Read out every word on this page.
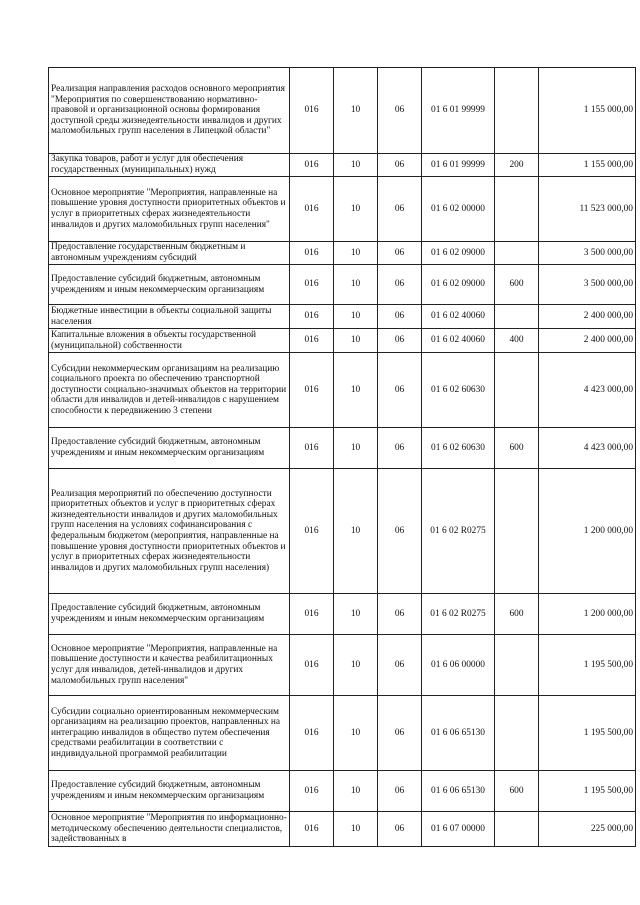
Реализация направления расходов основного мероприятия "Мероприятия по совершенствованию нормативно-правовой и организационной основы формирования доступной среды жизнедеятельности инвалидов и других маломобильных групп населения в Липецкой области"	016	10	06	01 6 01 99999		1 155 000,00
Закупка товаров, работ и услуг для обеспечения государственных (муниципальных) нужд	016	10	06	01 6 01 99999	200	1 155 000,00
Основное мероприятие "Мероприятия, направленные на повышение уровня доступности приоритетных объектов и услуг в приоритетных сферах жизнедеятельности инвалидов и других маломобильных групп населения"	016	10	06	01 6 02 00000		11 523 000,00
Предоставление государственным бюджетным и автономным учреждениям субсидий	016	10	06	01 6 02 09000		3 500 000,00
Предоставление субсидий бюджетным, автономным учреждениям и иным некоммерческим организациям	016	10	06	01 6 02 09000	600	3 500 000,00
Бюджетные инвестиции в объекты социальной защиты населения	016	10	06	01 6 02 40060		2 400 000,00
Капитальные вложения в объекты государственной (муниципальной) собственности	016	10	06	01 6 02 40060	400	2 400 000,00
Субсидии некоммерческим организациям на реализацию социального проекта по обеспечению транспортной доступности социально-значимых объектов на территории области для инвалидов и детей-инвалидов с нарушением способности к передвижению 3 степени	016	10	06	01 6 02 60630		4 423 000,00
Предоставление субсидий бюджетным, автономным учреждениям и иным некоммерческим организациям	016	10	06	01 6 02 60630	600	4 423 000,00
Реализация мероприятий по обеспечению доступности приоритетных объектов и услуг в приоритетных сферах жизнедеятельности инвалидов и других маломобильных групп населения на условиях софинансирования с федеральным бюджетом (мероприятия, направленные на повышение уровня доступности приоритетных объектов и услуг в приоритетных сферах жизнедеятельности инвалидов и других маломобильных групп населения)	016	10	06	01 6 02 R0275		1 200 000,00
Предоставление субсидий бюджетным, автономным учреждениям и иным некоммерческим организациям	016	10	06	01 6 02 R0275	600	1 200 000,00
Основное мероприятие "Мероприятия, направленные на повышение доступности и качества реабилитационных услуг для инвалидов, детей-инвалидов и других маломобильных групп населения"	016	10	06	01 6 06 00000		1 195 500,00
Субсидии социально ориентированным некоммерческим организациям на реализацию проектов, направленных на интеграцию инвалидов в общество путем обеспечения средствами реабилитации в соответствии с индивидуальной программой реабилитации	016	10	06	01 6 06 65130		1 195 500,00
Предоставление субсидий бюджетным, автономным учреждениям и иным некоммерческим организациям	016	10	06	01 6 06 65130	600	1 195 500,00
Основное мероприятие "Мероприятия по информационно-методическому обеспечению деятельности специалистов, задействованных в	016	10	06	01 6 07 00000		225 000,00
